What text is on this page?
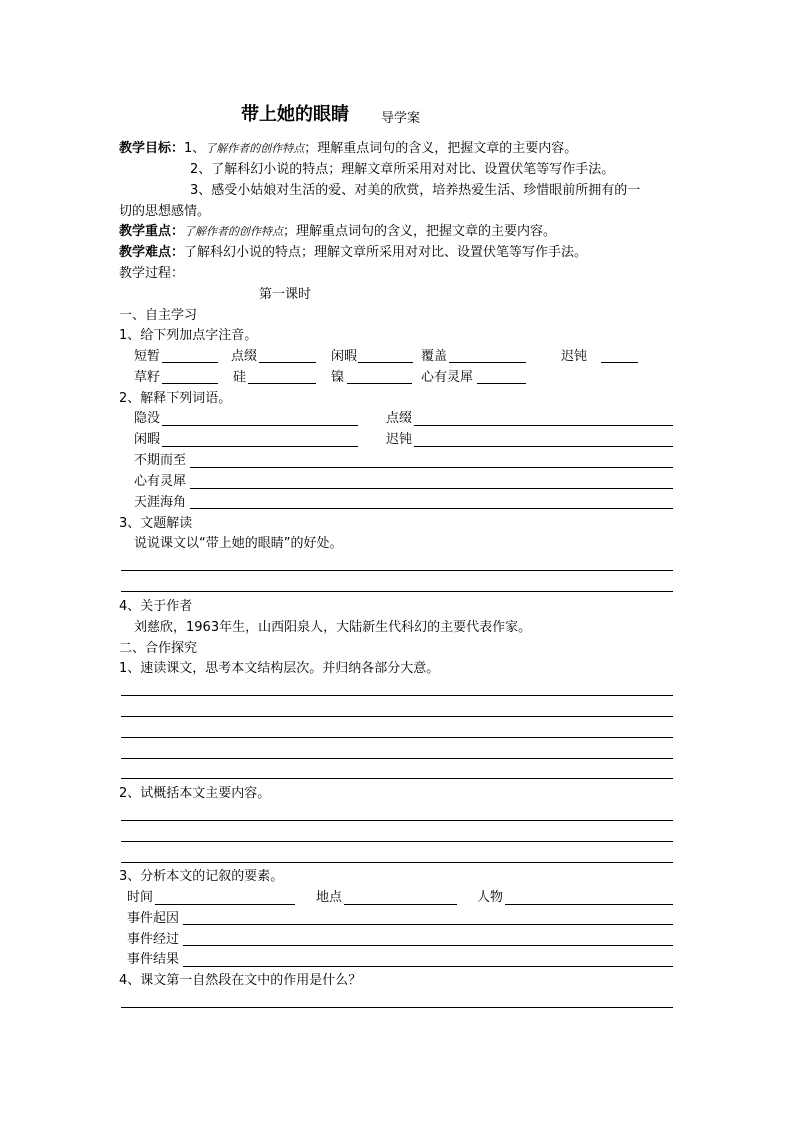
带上她的眼睛 导学案
教学目标：1、了解作者的创作特点；理解重点词句的含义，把握文章的主要内容。
2、了解科幻小说的特点；理解文章所采用对对比、设置伏笔等写作手法。
3、感受小姑娘对生活的爱、对美的欣赏，培养热爱生活、珍惜眼前所拥有的一
切的思想感情。
教学重点：了解作者的创作特点；理解重点词句的含义，把握文章的主要内容。
教学难点：了解科幻小说的特点；理解文章所采用对对比、设置伏笔等写作手法。
教学过程：
第一课时
一、自主学习
1、给下列加点字注音。
短暂	点缀	闲暇	覆盖	迟钝
草籽	硅	镍	心有灵犀
2、解释下列词语。
隐没	点缀
闲暇	迟钝
不期而至
心有灵犀
天涯海角
3、文题解读
说说课文以“带上她的眼睛”的好处。
4、关于作者
刘慈欣，1963年生，山西阳泉人，大陆新生代科幻的主要代表作家。
二、合作探究
1、速读课文，思考本文结构层次。并归纳各部分大意。
2、试概括本文主要内容。
3、分析本文的记叙的要素。
时间	地点	人物
事件起因
事件经过
事件结果
4、课文第一自然段在文中的作用是什么？
